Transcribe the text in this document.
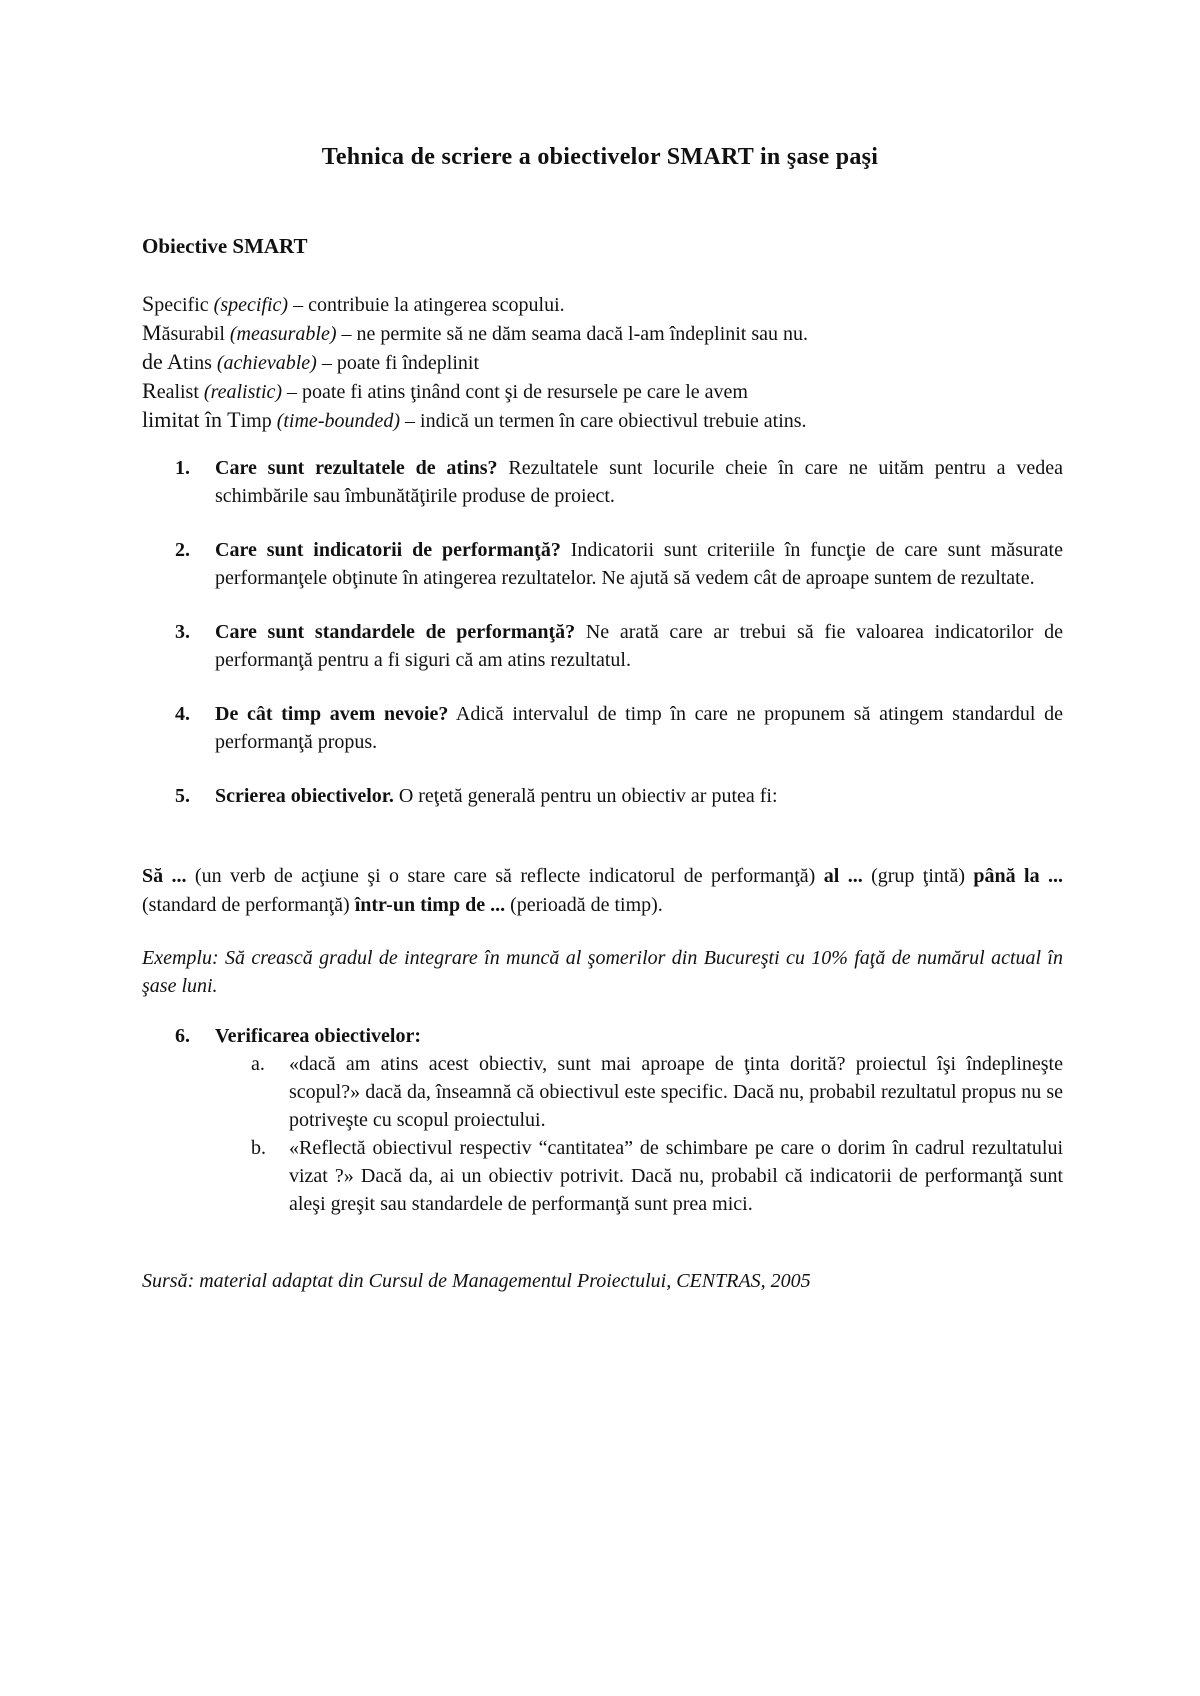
Tehnica de scriere a obiectivelor SMART in şase paşi
Obiective SMART
Specific (specific) – contribuie la atingerea scopului.
Măsurabil (measurable) – ne permite să ne dăm seama dacă l-am îndeplinit sau nu.
de Atins (achievable) – poate fi îndeplinit
Realist (realistic) – poate fi atins ţinând cont şi de resursele pe care le avem
limitat în Timp (time-bounded) – indică un termen în care obiectivul trebuie atins.
1.	Care sunt rezultatele de atins? Rezultatele sunt locurile cheie în care ne uităm pentru a vedea schimbările sau îmbunătăţirile produse de proiect.
2.	Care sunt indicatorii de performanţă? Indicatorii sunt criteriile în funcţie de care sunt măsurate performanţele obţinute în atingerea rezultatelor. Ne ajută să vedem cât de aproape suntem de rezultate.
3.	Care sunt standardele de performanţă? Ne arată care ar trebui să fie valoarea indicatorilor de performanţă pentru a fi siguri că am atins rezultatul.
4.	De cât timp avem nevoie? Adică intervalul de timp în care ne propunem să atingem standardul de performanţă propus.
5.	Scrierea obiectivelor. O reţetă generală pentru un obiectiv ar putea fi:
Să ... (un verb de acţiune şi o stare care să reflecte indicatorul de performanţă) al ... (grup ţintă) până la ... (standard de performanţă) într-un timp de ... (perioadă de timp).
Exemplu: Să crească gradul de integrare în muncă al şomerilor din Bucureşti cu 10% faţă de numărul actual în şase luni.
6. Verificarea obiectivelor:
a. «dacă am atins acest obiectiv, sunt mai aproape de ţinta dorită? proiectul îşi îndeplineşte scopul?» dacă da, înseamnă că obiectivul este specific. Dacă nu, probabil rezultatul propus nu se potriveşte cu scopul proiectului.
b. «Reflectă obiectivul respectiv “cantitatea” de schimbare pe care o dorim în cadrul rezultatului vizat ?» Dacă da, ai un obiectiv potrivit. Dacă nu, probabil că indicatorii de performanţă sunt aleşi greşit sau standardele de performanţă sunt prea mici.
Sursă: material adaptat din Cursul de Managementul Proiectului, CENTRAS, 2005
